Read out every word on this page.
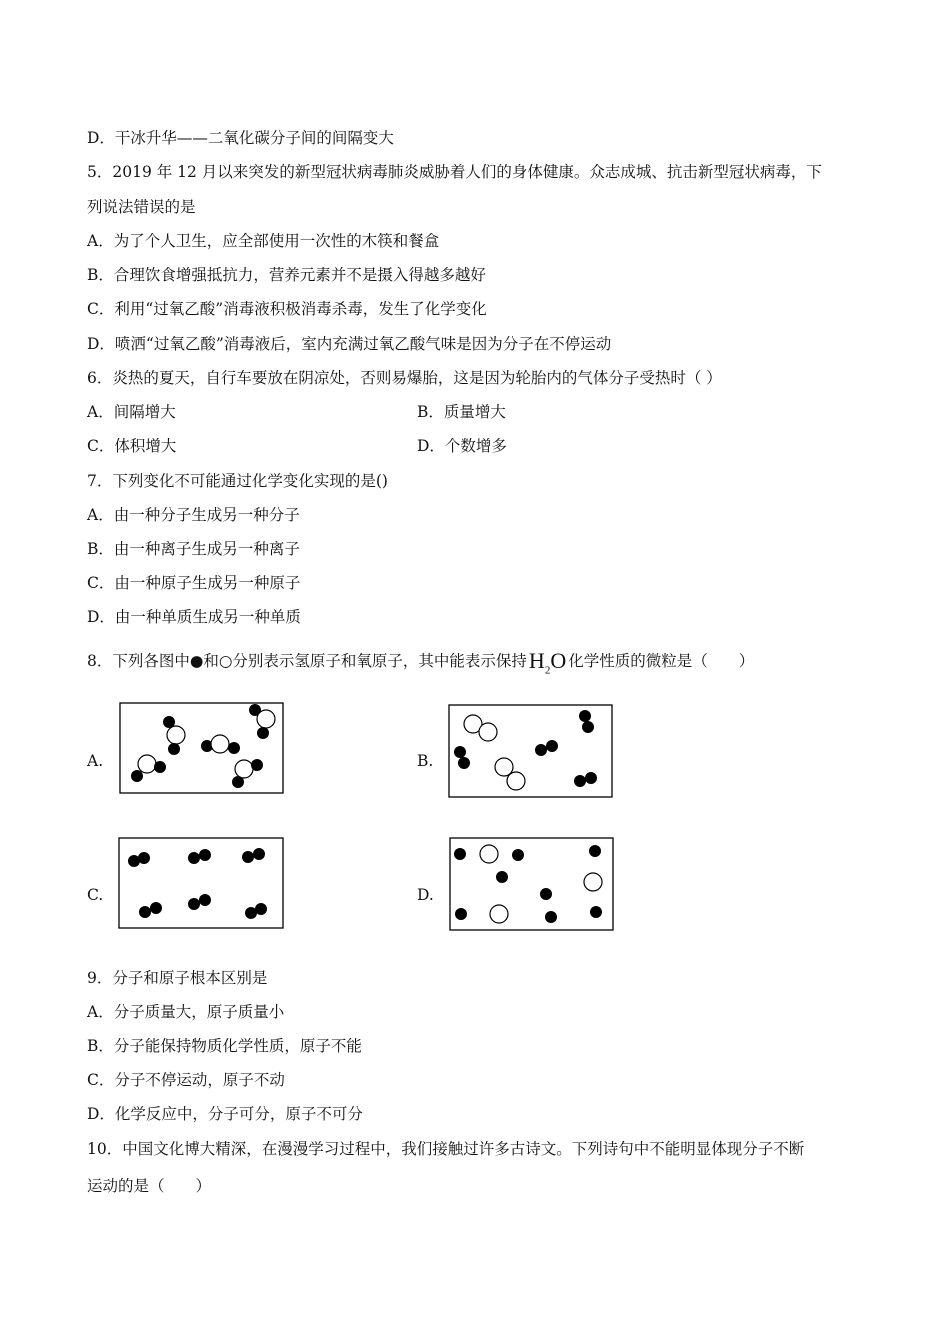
D．干冰升华——二氧化碳分子间的间隔变大
5．2019 年 12 月以来突发的新型冠状病毒肺炎威胁着人们的身体健康。众志成城、抗击新型冠状病毒，下
列说法错误的是
A．为了个人卫生，应全部使用一次性的木筷和餐盒
B．合理饮食增强抵抗力，营养元素并不是摄入得越多越好
C．利用“过氧乙酸”消毒液积极消毒杀毒，发生了化学变化
D．喷洒“过氧乙酸”消毒液后，室内充满过氧乙酸气味是因为分子在不停运动
6．炎热的夏天，自行车要放在阴凉处，否则易爆胎，这是因为轮胎内的气体分子受热时（ ）
A．间隔增大	B．质量增大
C．体积增大	D．个数增多
7．下列变化不可能通过化学变化实现的是()
A．由一种分子生成另一种分子
B．由一种离子生成另一种离子
C．由一种原子生成另一种原子
D．由一种单质生成另一种单质
8．下列各图中●和○分别表示氢原子和氧原子，其中能表示保持$H_2O$ 化学性质的微粒是（　　）
A.	B.
C.	D.
9．分子和原子根本区别是
A．分子质量大，原子质量小
B．分子能保持物质化学性质，原子不能
C．分子不停运动，原子不动
D．化学反应中，分子可分，原子不可分
10．中国文化博大精深，在漫漫学习过程中，我们接触过许多古诗文。下列诗句中不能明显体现分子不断
运动的是（　　）
